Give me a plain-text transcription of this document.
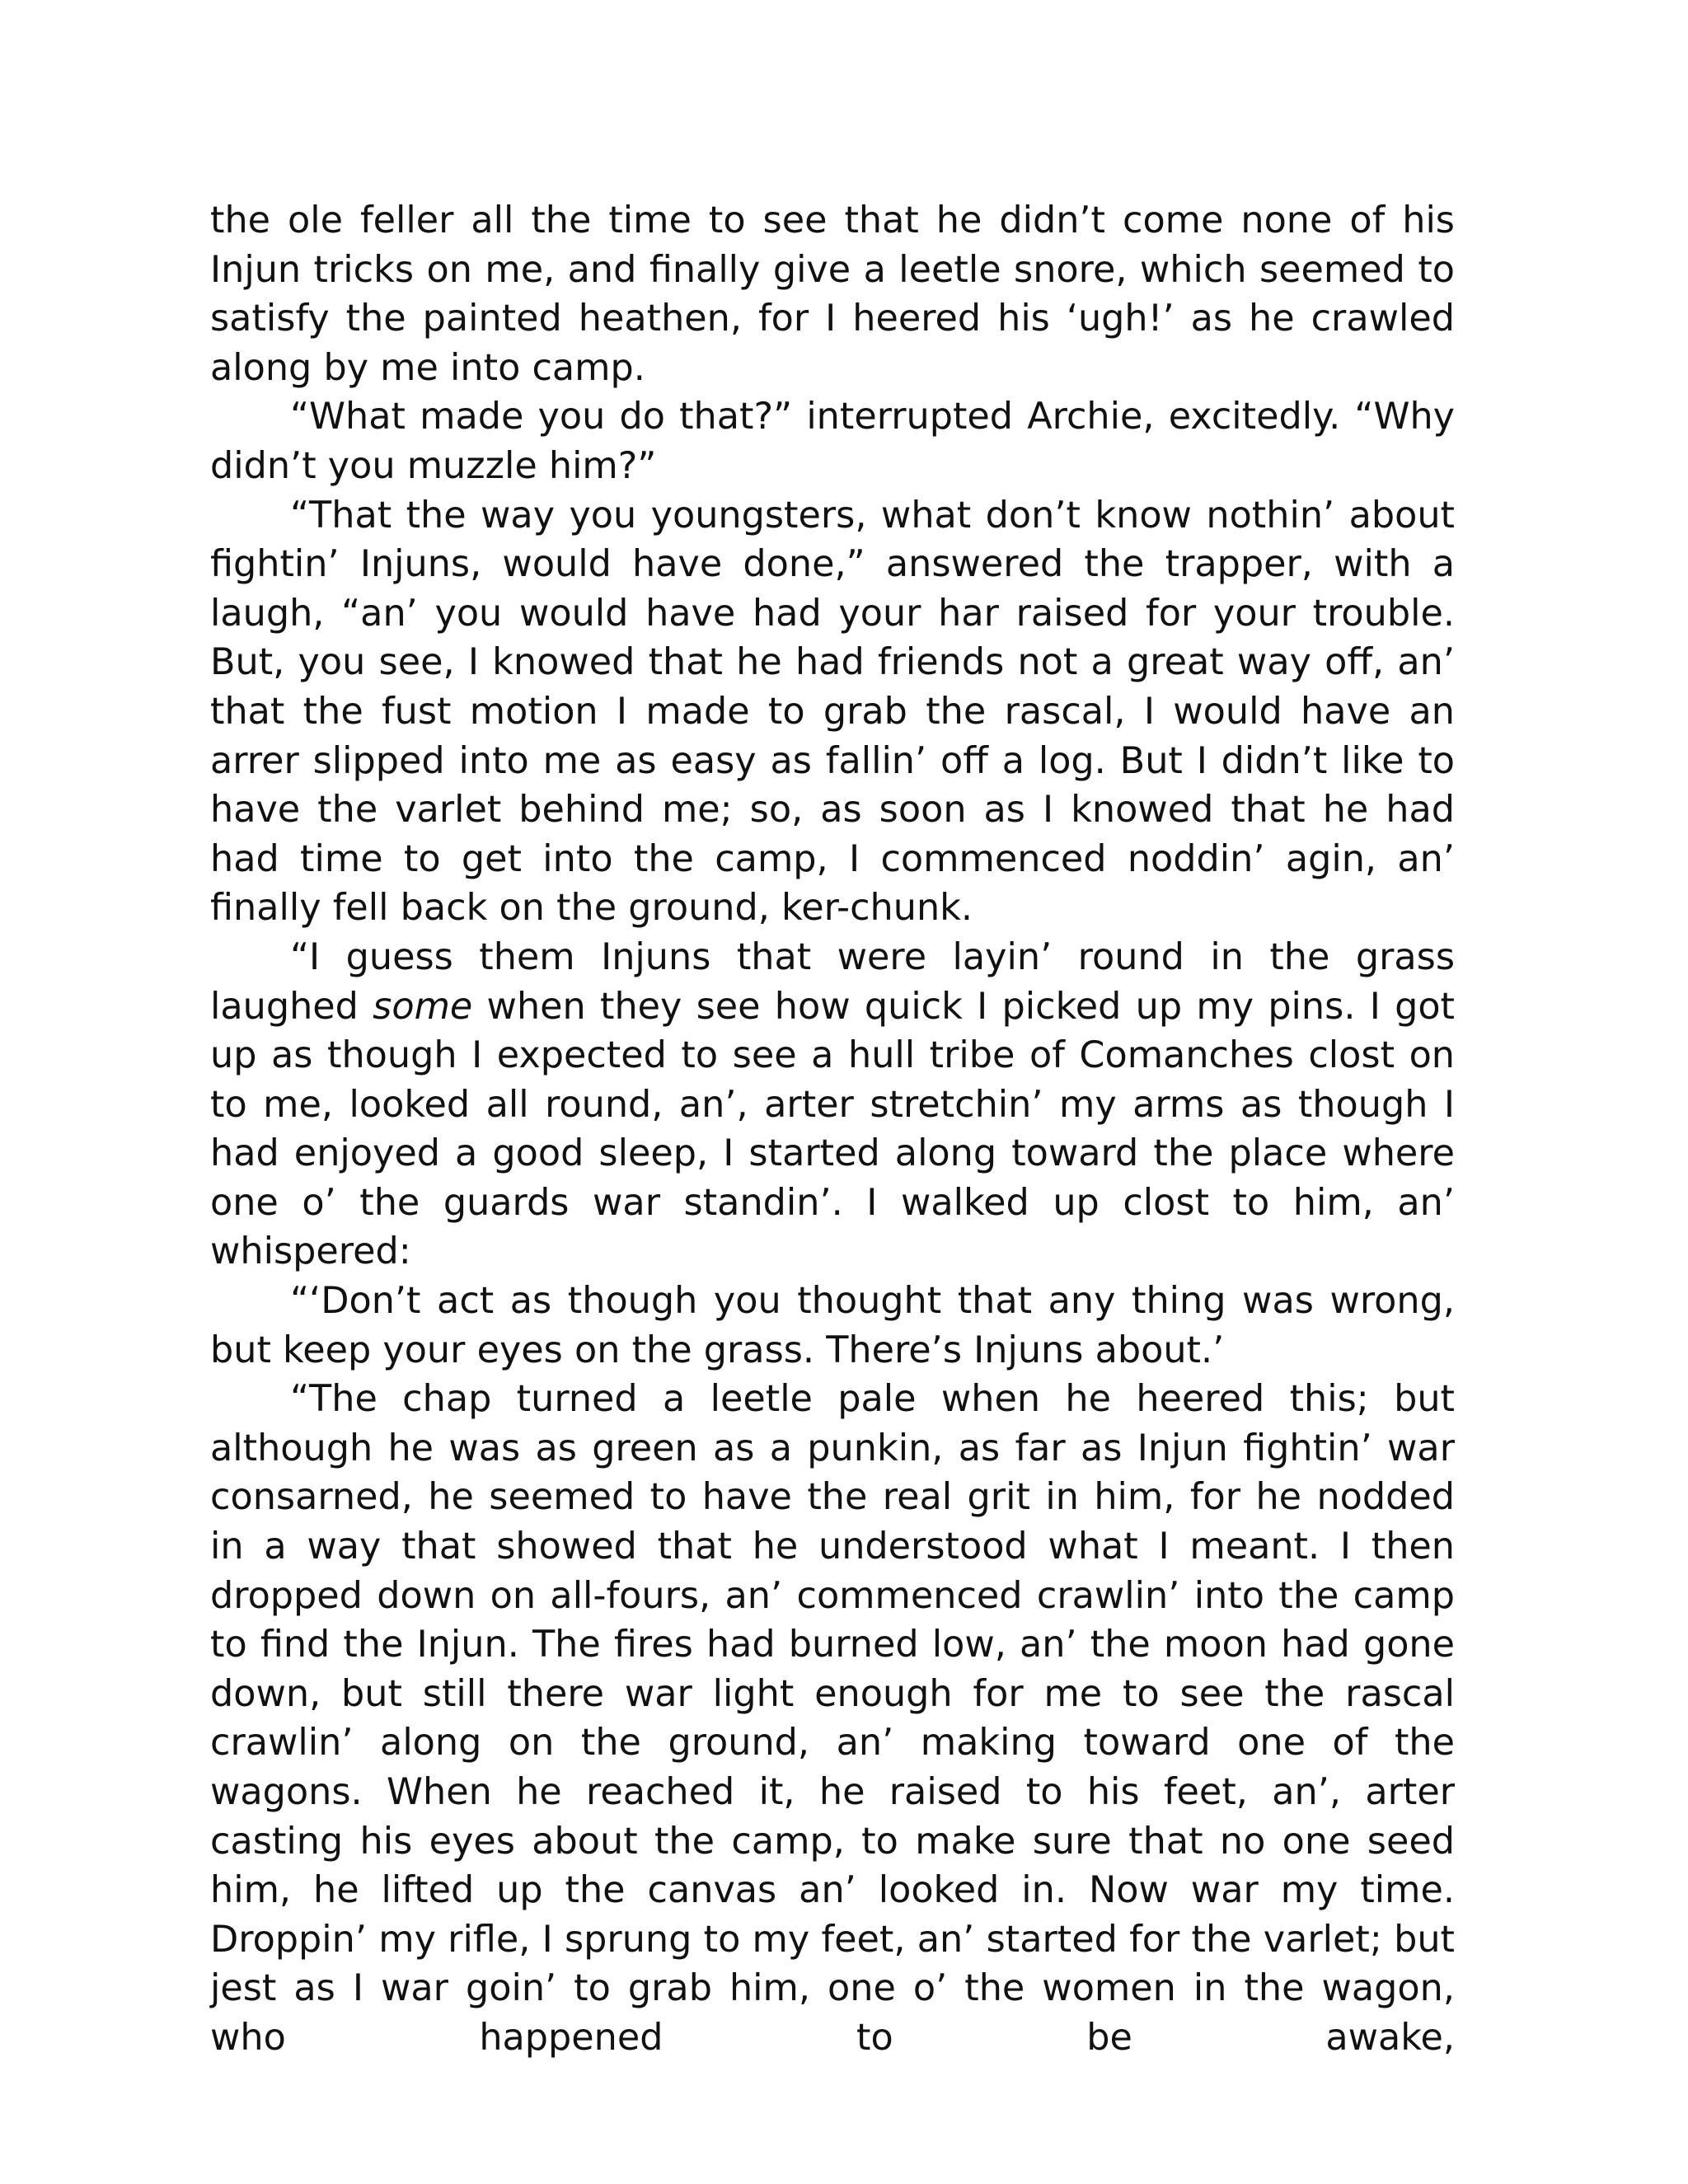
the ole feller all the time to see that he didn’t come none of his Injun tricks on me, and finally give a leetle snore, which seemed to satisfy the painted heathen, for I heered his ‘ugh!’ as he crawled along by me into camp.

“What made you do that?” interrupted Archie, excitedly. “Why didn’t you muzzle him?”

“That the way you youngsters, what don’t know nothin’ about fightin’ Injuns, would have done,” answered the trapper, with a laugh, “an’ you would have had your har raised for your trouble. But, you see, I knowed that he had friends not a great way off, an’ that the fust motion I made to grab the rascal, I would have an arrer slipped into me as easy as fallin’ off a log. But I didn’t like to have the varlet behind me; so, as soon as I knowed that he had had time to get into the camp, I commenced noddin’ agin, an’ finally fell back on the ground, ker-chunk.

“I guess them Injuns that were layin’ round in the grass laughed some when they see how quick I picked up my pins. I got up as though I expected to see a hull tribe of Comanches clost on to me, looked all round, an’, arter stretchin’ my arms as though I had enjoyed a good sleep, I started along toward the place where one o’ the guards war standin’. I walked up clost to him, an’ whispered:

“‘Don’t act as though you thought that any thing was wrong, but keep your eyes on the grass. There’s Injuns about.’

“The chap turned a leetle pale when he heered this; but although he was as green as a punkin, as far as Injun fightin’ war consarned, he seemed to have the real grit in him, for he nodded in a way that showed that he understood what I meant. I then dropped down on all-fours, an’ commenced crawlin’ into the camp to find the Injun. The fires had burned low, an’ the moon had gone down, but still there war light enough for me to see the rascal crawlin’ along on the ground, an’ making toward one of the wagons. When he reached it, he raised to his feet, an’, arter casting his eyes about the camp, to make sure that no one seed him, he lifted up the canvas an’ looked in. Now war my time. Droppin’ my rifle, I sprung to my feet, an’ started for the varlet; but jest as I war goin’ to grab him, one o’ the women in the wagon, who happened to be awake,
